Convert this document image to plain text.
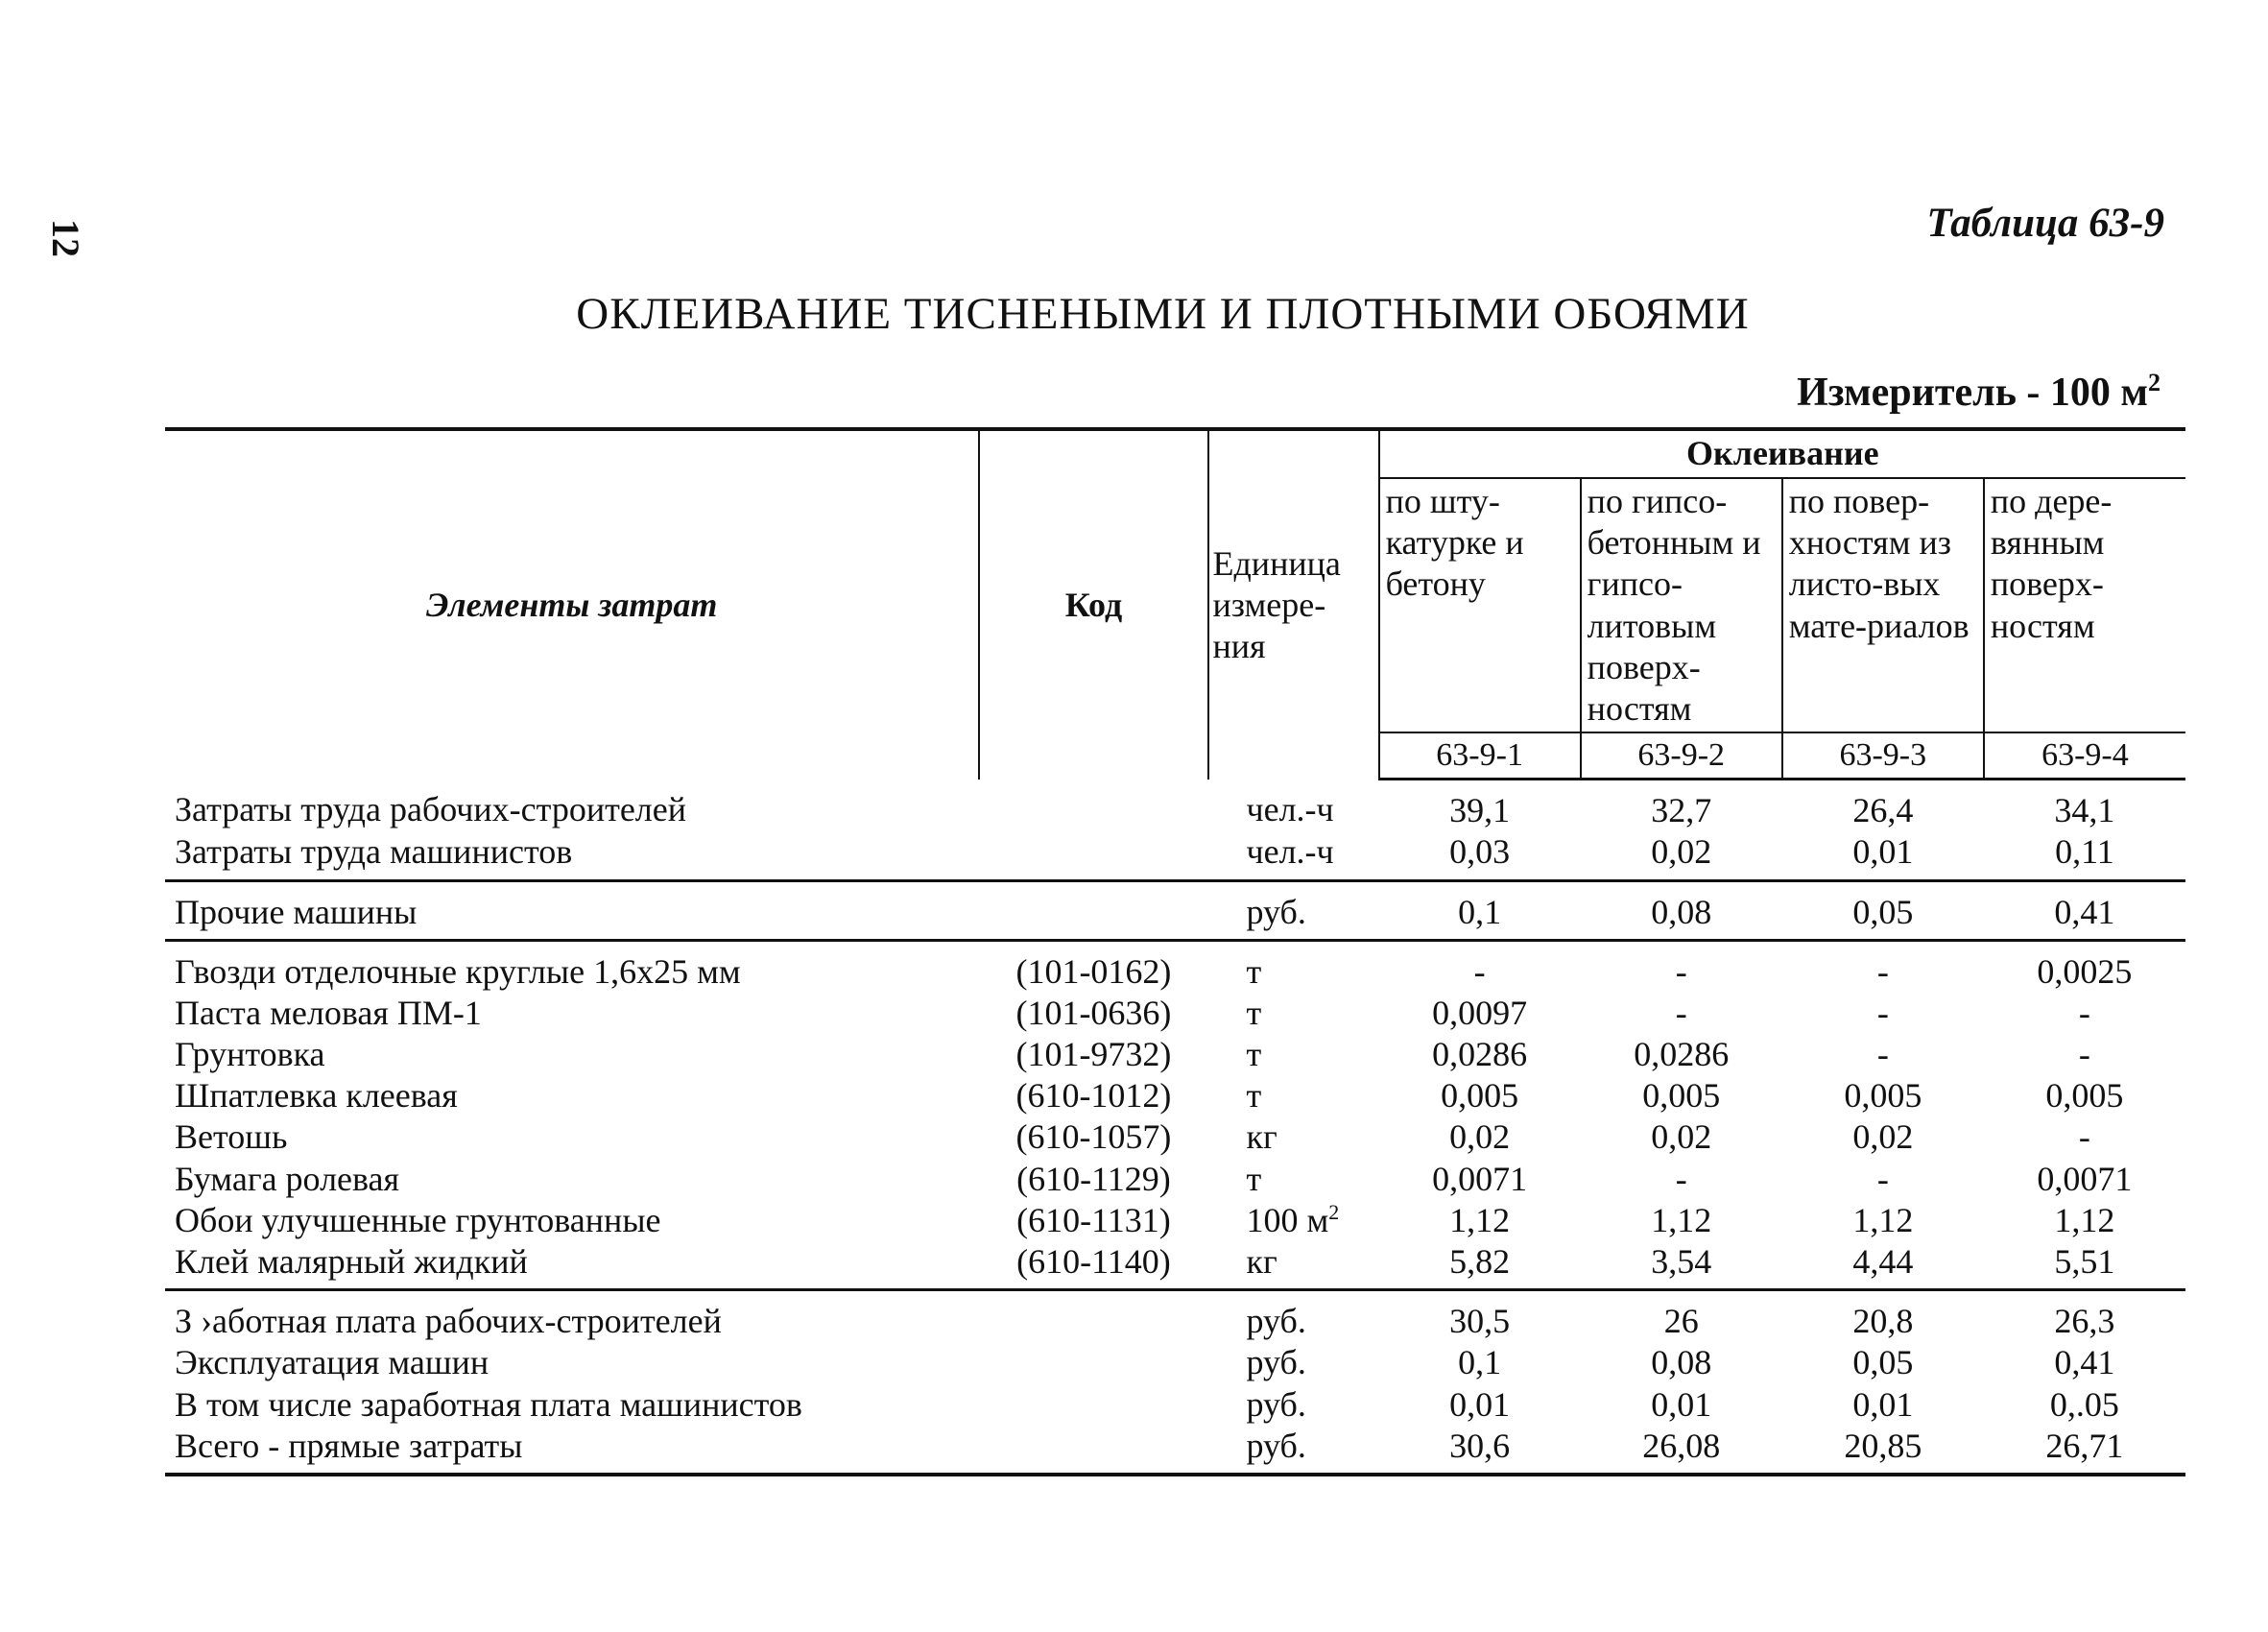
12	Таблица 63-9
ОКЛЕИВАНИЕ ТИСНЕНЫМИ И ПЛОТНЫМИ ОБОЯМИ
Измеритель - 100 $м^2$
Элементы затрат	Код	Единица измере-ния	Оклеивание			
			по шту-катурке и бетону	по гипсо-бетонным и гипсо-литовым поверх-ностям	по повер-хностям из листо-вых мате-риалов	по дере-вянным поверх-ностям
			63-9-1	63-9-2	63-9-3	63-9-4
Затраты труда рабочих-строителей		чел.-ч	39,1	32,7	26,4	34,1
Затраты труда машинистов		чел.-ч	0,03	0,02	0,01	0,11
Прочие машины		руб.	0,1	0,08	0,05	0,41
Гвозди отделочные круглые 1,6х25 мм	(101-0162)	т	-	-	-	0,0025
Паста меловая ПМ-1	(101-0636)	т	0,0097	-	-	-
Грунтовка	(101-9732)	т	0,0286	0,0286	-	-
Шпатлевка клеевая	(610-1012)	т	0,005	0,005	0,005	0,005
Ветошь	(610-1057)	кг	0,02	0,02	0,02	-
Бумага ролевая	(610-1129)	т	0,0071	-	-	0,0071
Обои улучшенные грунтованные	(610-1131)	100 $м^2$	1,12	1,12	1,12	1,12
Клей малярный жидкий	(610-1140)	кг	5,82	3,54	4,44	5,51
З ›аботная плата рабочих-строителей		руб.	30,5	26	20,8	26,3
Эксплуатация машин		руб.	0,1	0,08	0,05	0,41
В том числе заработная плата машинистов		руб.	0,01	0,01	0,01	0,.05
Всего - прямые затраты		руб.	30,6	26,08	20,85	26,71
